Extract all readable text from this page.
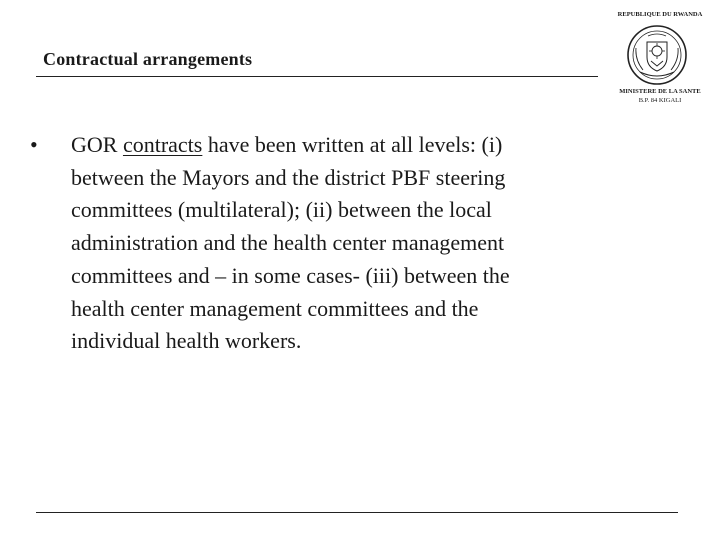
Contractual arrangements
REPUBLIQUE DU RWANDA
MINISTERE DE LA SANTE
B.P. 84 KIGALI
• GOR contracts have been written at all levels: (i)
between the Mayors and the district PBF steering
committees (multilateral); (ii) between the local
administration and the health center management
committees and – in some cases- (iii) between the
health center management committees and the
individual health workers.
